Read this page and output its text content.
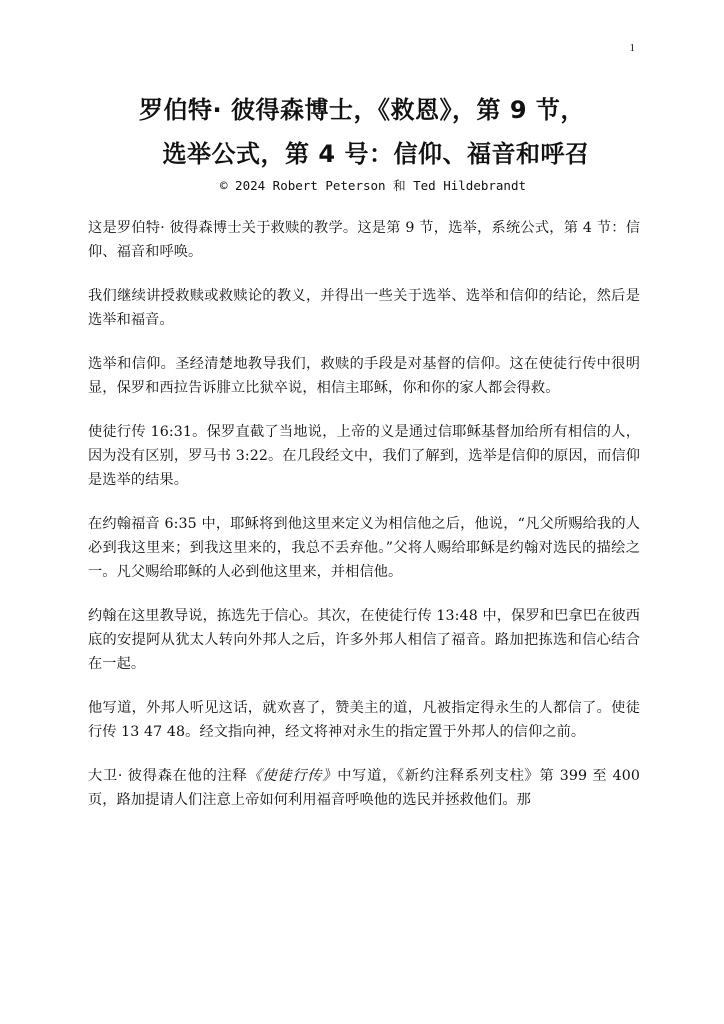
1
罗伯特· 彼得森博士，《救恩》，第 9 节，
选举公式，第 4 号：信仰、福音和呼召
© 2024 Robert Peterson 和 Ted Hildebrandt

这是罗伯特· 彼得森博士关于救赎的教学。这是第 9 节，选举，系统公式，第 4 节：信仰、福音和呼唤。

我们继续讲授救赎或救赎论的教义，并得出一些关于选举、选举和信仰的结论，然后是选举和福音。

选举和信仰。圣经清楚地教导我们，救赎的手段是对基督的信仰。这在使徒行传中很明显，保罗和西拉告诉腓立比狱卒说，相信主耶稣，你和你的家人都会得救。

使徒行传 16:31。保罗直截了当地说，上帝的义是通过信耶稣基督加给所有相信的人，因为没有区别，罗马书 3:22。在几段经文中，我们了解到，选举是信仰的原因，而信仰是选举的结果。

在约翰福音 6:35 中，耶稣将到他这里来定义为相信他之后，他说，“凡父所赐给我的人必到我这里来；到我这里来的，我总不丢弃他。”父将人赐给耶稣是约翰对选民的描绘之一。凡父赐给耶稣的人必到他这里来，并相信他。

约翰在这里教导说，拣选先于信心。其次，在使徒行传 13:48 中，保罗和巴拿巴在彼西底的安提阿从犹太人转向外邦人之后，许多外邦人相信了福音。路加把拣选和信心结合在一起。

他写道，外邦人听见这话，就欢喜了，赞美主的道，凡被指定得永生的人都信了。使徒行传 13 47 48。经文指向神，经文将神对永生的指定置于外邦人的信仰之前。

大卫· 彼得森在他的注释《使徒行传》中写道，《新约注释系列支柱》第 399 至 400 页，路加提请人们注意上帝如何利用福音呼唤他的选民并拯救他们。那
